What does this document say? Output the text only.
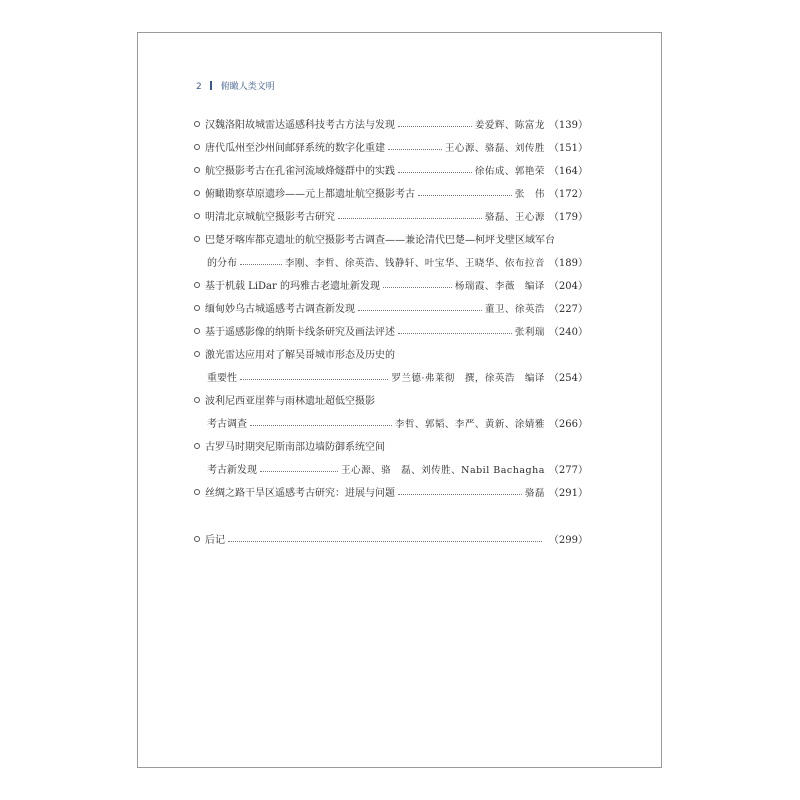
2 俯瞰人类文明
汉魏洛阳故城雷达遥感科技考古方法与发现	姜爱辉、陈富龙 （139）
唐代瓜州至沙州间邮驿系统的数字化重建	王心源、骆磊、刘传胜 （151）
航空摄影考古在孔雀河流域烽燧群中的实践	徐佑成、郭艳荣 （164）
俯瞰勘察草原遗珍——元上都遗址航空摄影考古	张　伟 （172）
明清北京城航空摄影考古研究	骆磊、王心源 （179）
巴楚牙喀库都克遗址的航空摄影考古调查——兼论清代巴楚—柯坪戈壁区域军台
的分布	李刚、李哲、徐英浩、钱静轩、叶宝华、王晓华、依布拉音 （189）
基于机载 LiDar 的玛雅古老遗址新发现	杨瑞霞、李薇　编译 （204）
缅甸妙乌古城遥感考古调查新发现	董卫、徐英浩 （227）
基于遥感影像的纳斯卡线条研究及画法评述	张利瑞 （240）
激光雷达应用对了解吴哥城市形态及历史的
重要性	罗兰德·弗莱彻　撰，徐英浩　编译 （254）
波利尼西亚崖葬与雨林遗址超低空摄影
考古调查	李哲、郭韬、李严、黄新、涂婧雅 （266）
古罗马时期突尼斯南部边墙防御系统空间
考古新发现	王心源、骆　磊、刘传胜、Nabil Bachagha （277）
丝绸之路干旱区遥感考古研究：进展与问题	骆磊 （291）
后记	（299）
